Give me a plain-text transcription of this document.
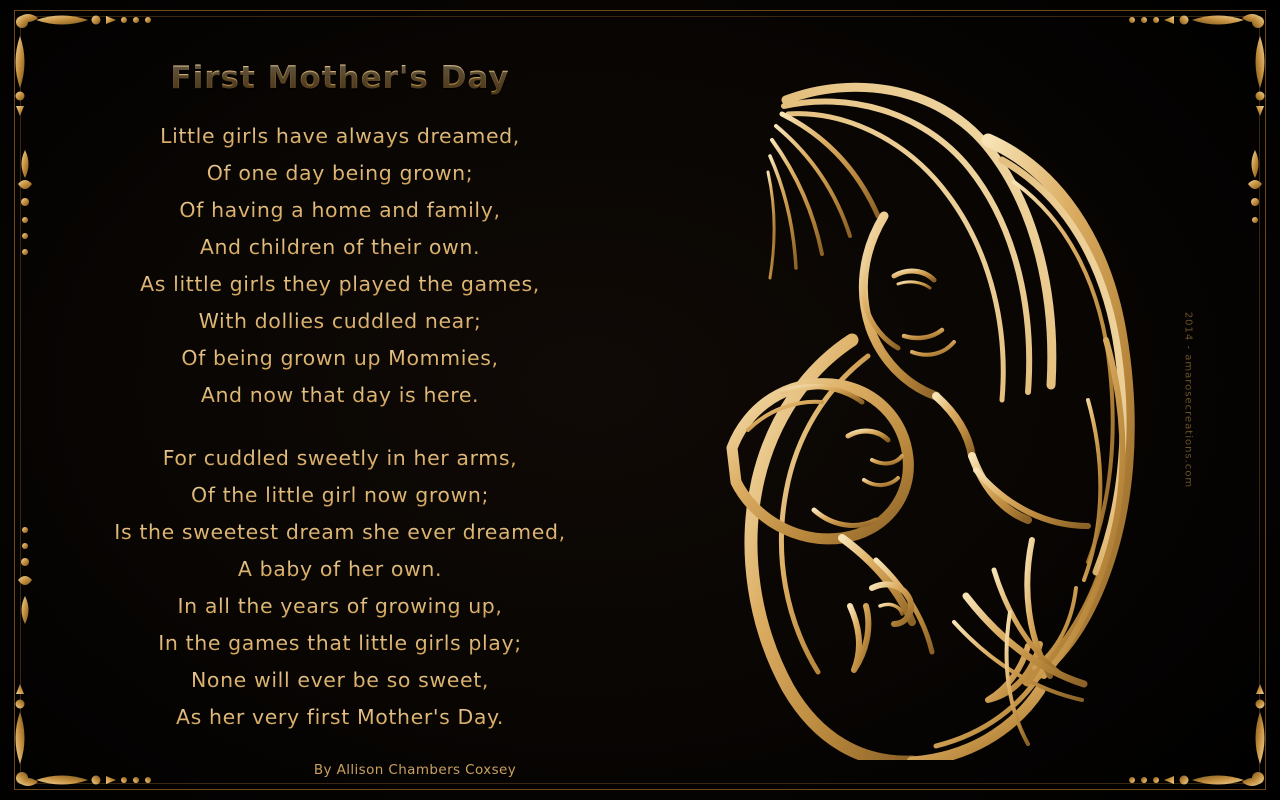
First Mother's Day
Little girls have always dreamed,
Of one day being grown;
Of having a home and family,
And children of their own.
As little girls they played the games,
With dollies cuddled near;
Of being grown up Mommies,
And now that day is here.
For cuddled sweetly in her arms,
Of the little girl now grown;
Is the sweetest dream she ever dreamed,
A baby of her own.
In all the years of growing up,
In the games that little girls play;
None will ever be so sweet,
As her very first Mother's Day.
By Allison Chambers Coxsey
2014 - amarosecreations.com
